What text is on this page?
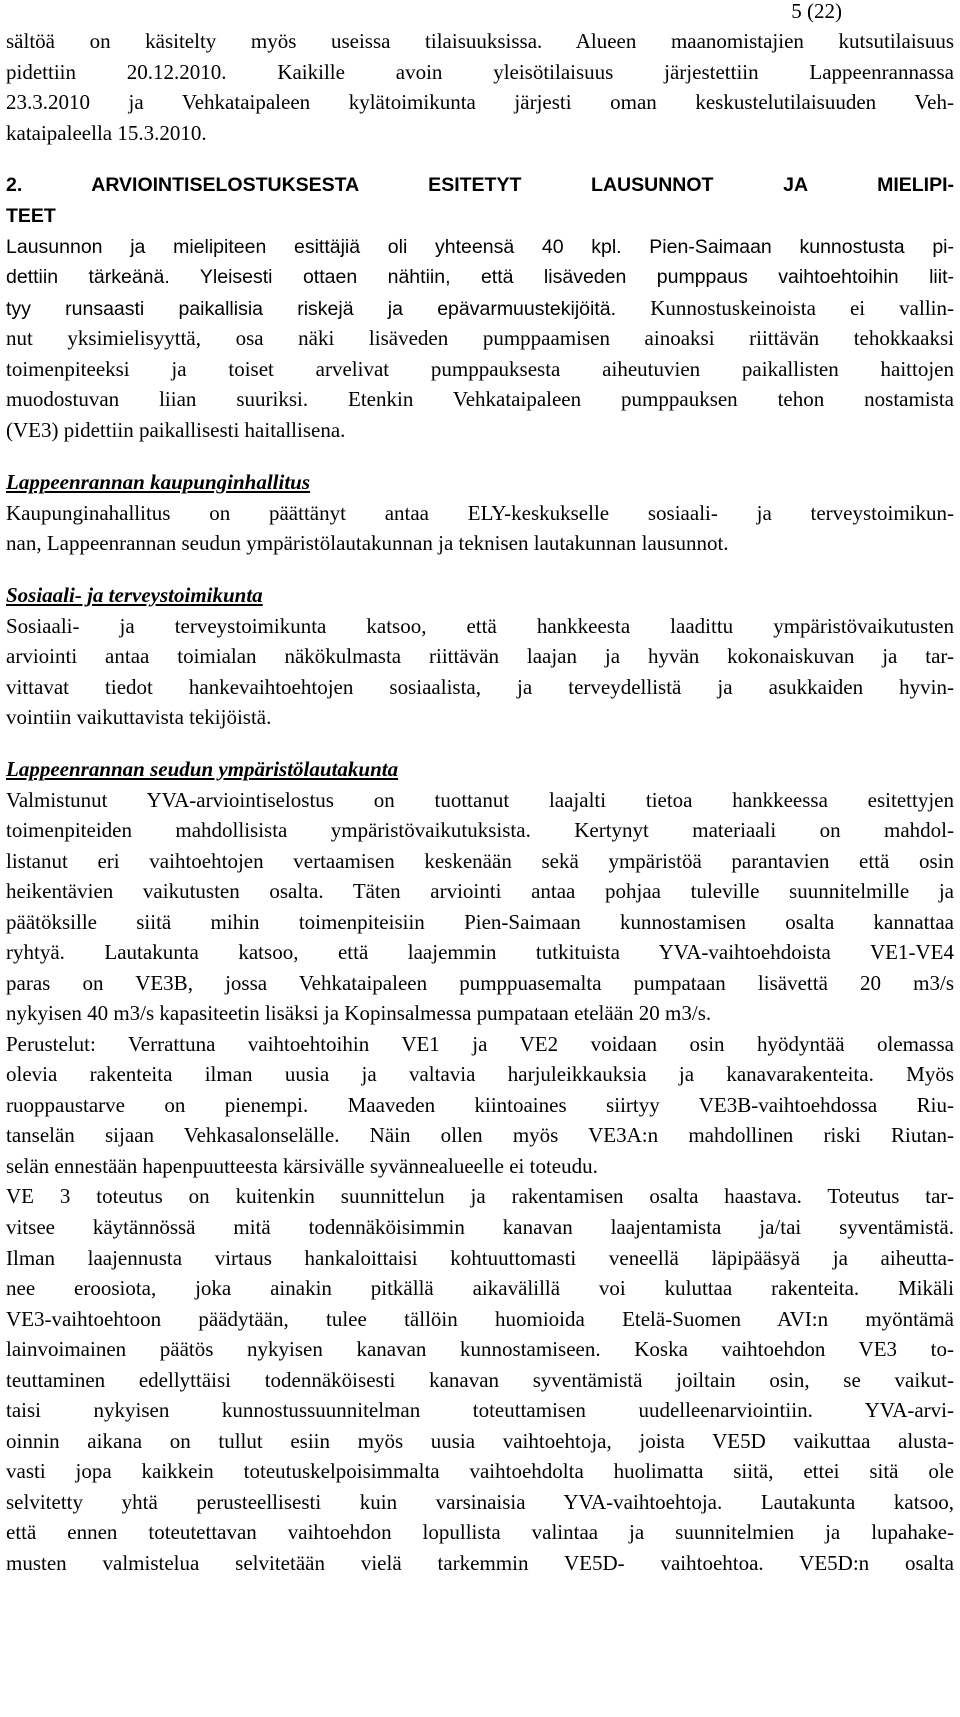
5 (22)
sältöä on käsitelty myös useissa tilaisuuksissa. Alueen maanomistajien kutsutilaisuus
pidettiin 20.12.2010. Kaikille avoin yleisötilaisuus järjestettiin Lappeenrannassa
23.3.2010 ja Vehkataipaleen kylätoimikunta järjesti oman keskustelutilaisuuden Veh-
kataipaleella 15.3.2010.
2. ARVIOINTISELOSTUKSESTA ESITETYT LAUSUNNOT JA MIELIPI-
TEET
Lausunnon ja mielipiteen esittäjiä oli yhteensä 40 kpl. Pien-Saimaan kunnostusta pi-
dettiin tärkeänä. Yleisesti ottaen nähtiin, että lisäveden pumppaus vaihtoehtoihin liit-
tyy runsaasti paikallisia riskejä ja epävarmuustekijöitä. Kunnostuskeinoista ei vallin-
nut yksimielisyyttä, osa näki lisäveden pumppaamisen ainoaksi riittävän tehokkaaksi
toimenpiteeksi ja toiset arvelivat pumppauksesta aiheutuvien paikallisten haittojen
muodostuvan liian suuriksi. Etenkin Vehkataipaleen pumppauksen tehon nostamista
(VE3) pidettiin paikallisesti haitallisena.
Lappeenrannan kaupunginhallitus
Kaupunginahallitus on päättänyt antaa ELY-keskukselle sosiaali- ja terveystoimikun-
nan, Lappeenrannan seudun ympäristölautakunnan ja teknisen lautakunnan lausunnot.
Sosiaali- ja terveystoimikunta
Sosiaali- ja terveystoimikunta katsoo, että hankkeesta laadittu ympäristövaikutusten
arviointi antaa toimialan näkökulmasta riittävän laajan ja hyvän kokonaiskuvan ja tar-
vittavat tiedot hankevaihtoehtojen sosiaalista, ja terveydellistä ja asukkaiden hyvin-
vointiin vaikuttavista tekijöistä.
Lappeenrannan seudun ympäristölautakunta
Valmistunut YVA-arviointiselostus on tuottanut laajalti tietoa hankkeessa esitettyjen
toimenpiteiden mahdollisista ympäristövaikutuksista. Kertynyt materiaali on mahdol-
listanut eri vaihtoehtojen vertaamisen keskenään sekä ympäristöä parantavien että osin
heikentävien vaikutusten osalta. Täten arviointi antaa pohjaa tuleville suunnitelmille ja
päätöksille siitä mihin toimenpiteisiin Pien-Saimaan kunnostamisen osalta kannattaa
ryhtyä. Lautakunta katsoo, että laajemmin tutkituista YVA-vaihtoehdoista VE1-VE4
paras on VE3B, jossa Vehkataipaleen pumppuasemalta pumpataan lisävettä 20 m3/s
nykyisen 40 m3/s kapasiteetin lisäksi ja Kopinsalmessa pumpataan etelään 20 m3/s.
Perustelut: Verrattuna vaihtoehtoihin VE1 ja VE2 voidaan osin hyödyntää olemassa
olevia rakenteita ilman uusia ja valtavia harjuleikkauksia ja kanavarakenteita. Myös
ruoppaustarve on pienempi. Maaveden kiintoaines siirtyy VE3B-vaihtoehdossa Riu-
tanselän sijaan Vehkasalonselälle. Näin ollen myös VE3A:n mahdollinen riski Riutan-
selän ennestään hapenpuutteesta kärsivälle syvännealueelle ei toteudu.
VE 3 toteutus on kuitenkin suunnittelun ja rakentamisen osalta haastava. Toteutus tar-
vitsee käytännössä mitä todennäköisimmin kanavan laajentamista ja/tai syventämistä.
Ilman laajennusta virtaus hankaloittaisi kohtuuttomasti veneellä läpipääsyä ja aiheutta-
nee eroosiota, joka ainakin pitkällä aikavälillä voi kuluttaa rakenteita. Mikäli
VE3-vaihtoehtoon päädytään, tulee tällöin huomioida Etelä-Suomen AVI:n myöntämä
lainvoimainen päätös nykyisen kanavan kunnostamiseen. Koska vaihtoehdon VE3 to-
teuttaminen edellyttäisi todennäköisesti kanavan syventämistä joiltain osin, se vaikut-
taisi nykyisen kunnostussuunnitelman toteuttamisen uudelleenarviointiin. YVA-arvi-
oinnin aikana on tullut esiin myös uusia vaihtoehtoja, joista VE5D vaikuttaa alusta-
vasti jopa kaikkein toteutuskelpoisimmalta vaihtoehdolta huolimatta siitä, ettei sitä ole
selvitetty yhtä perusteellisesti kuin varsinaisia YVA-vaihtoehtoja. Lautakunta katsoo,
että ennen toteutettavan vaihtoehdon lopullista valintaa ja suunnitelmien ja lupahake-
musten valmistelua selvitetään vielä tarkemmin VE5D- vaihtoehtoa. VE5D:n osalta
